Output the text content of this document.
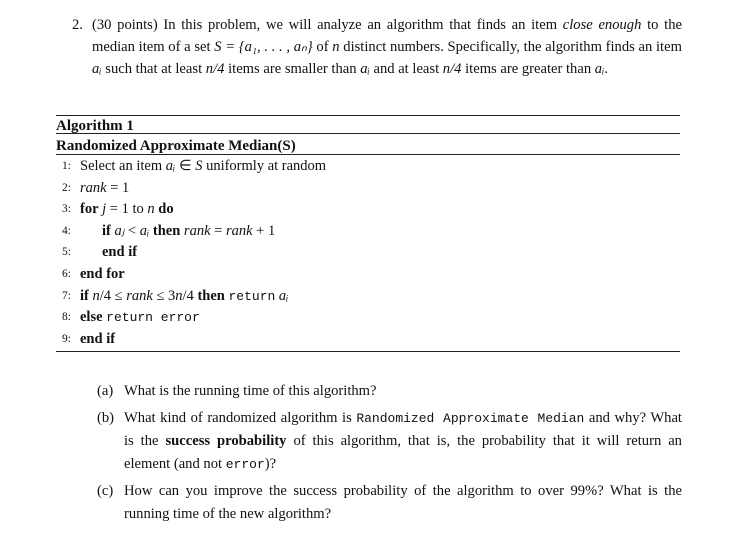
2. (30 points) In this problem, we will analyze an algorithm that finds an item close enough to the median item of a set S = {a₁, . . . , aₙ} of n distinct numbers. Specifically, the algorithm finds an item aᵢ such that at least n/4 items are smaller than aᵢ and at least n/4 items are greater than aᵢ.
Algorithm 1
Randomized Approximate Median(S)
1: Select an item aᵢ ∈ S uniformly at random
2: rank = 1
3: for j = 1 to n do
4:	if aⱼ < aᵢ then rank = rank + 1
5:	end if
6: end for
7: if n/4 ≤ rank ≤ 3n/4 then return aᵢ
8: else return error
9: end if
(a) What is the running time of this algorithm?
(b) What kind of randomized algorithm is Randomized Approximate Median and why? What is the success probability of this algorithm, that is, the probability that it will return an element (and not error)?
(c) How can you improve the success probability of the algorithm to over 99%? What is the running time of the new algorithm?
